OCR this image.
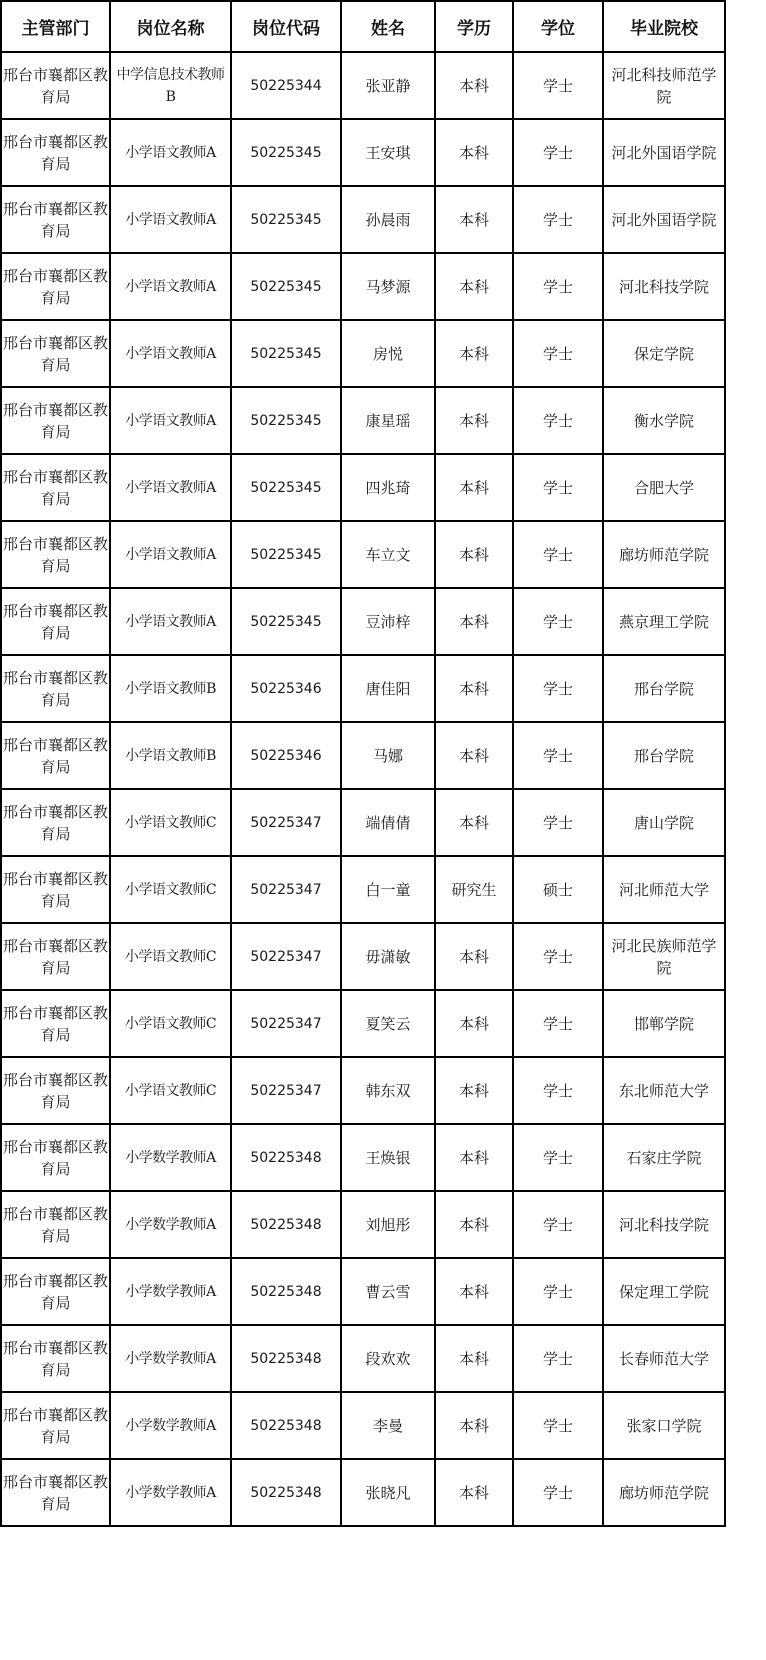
主管部门	岗位名称	岗位代码	姓名	学历	学位	毕业院校
邢台市襄都区教育局	中学信息技术教师B	50225344	张亚静	本科	学士	河北科技师范学院
邢台市襄都区教育局	小学语文教师A	50225345	王安琪	本科	学士	河北外国语学院
邢台市襄都区教育局	小学语文教师A	50225345	孙晨雨	本科	学士	河北外国语学院
邢台市襄都区教育局	小学语文教师A	50225345	马梦源	本科	学士	河北科技学院
邢台市襄都区教育局	小学语文教师A	50225345	房悦	本科	学士	保定学院
邢台市襄都区教育局	小学语文教师A	50225345	康星瑶	本科	学士	衡水学院
邢台市襄都区教育局	小学语文教师A	50225345	四兆琦	本科	学士	合肥大学
邢台市襄都区教育局	小学语文教师A	50225345	车立文	本科	学士	廊坊师范学院
邢台市襄都区教育局	小学语文教师A	50225345	豆沛梓	本科	学士	燕京理工学院
邢台市襄都区教育局	小学语文教师B	50225346	唐佳阳	本科	学士	邢台学院
邢台市襄都区教育局	小学语文教师B	50225346	马娜	本科	学士	邢台学院
邢台市襄都区教育局	小学语文教师C	50225347	端倩倩	本科	学士	唐山学院
邢台市襄都区教育局	小学语文教师C	50225347	白一童	研究生	硕士	河北师范大学
邢台市襄都区教育局	小学语文教师C	50225347	毋潇敏	本科	学士	河北民族师范学院
邢台市襄都区教育局	小学语文教师C	50225347	夏笑云	本科	学士	邯郸学院
邢台市襄都区教育局	小学语文教师C	50225347	韩东双	本科	学士	东北师范大学
邢台市襄都区教育局	小学数学教师A	50225348	王焕银	本科	学士	石家庄学院
邢台市襄都区教育局	小学数学教师A	50225348	刘旭彤	本科	学士	河北科技学院
邢台市襄都区教育局	小学数学教师A	50225348	曹云雪	本科	学士	保定理工学院
邢台市襄都区教育局	小学数学教师A	50225348	段欢欢	本科	学士	长春师范大学
邢台市襄都区教育局	小学数学教师A	50225348	李曼	本科	学士	张家口学院
邢台市襄都区教育局	小学数学教师A	50225348	张晓凡	本科	学士	廊坊师范学院
